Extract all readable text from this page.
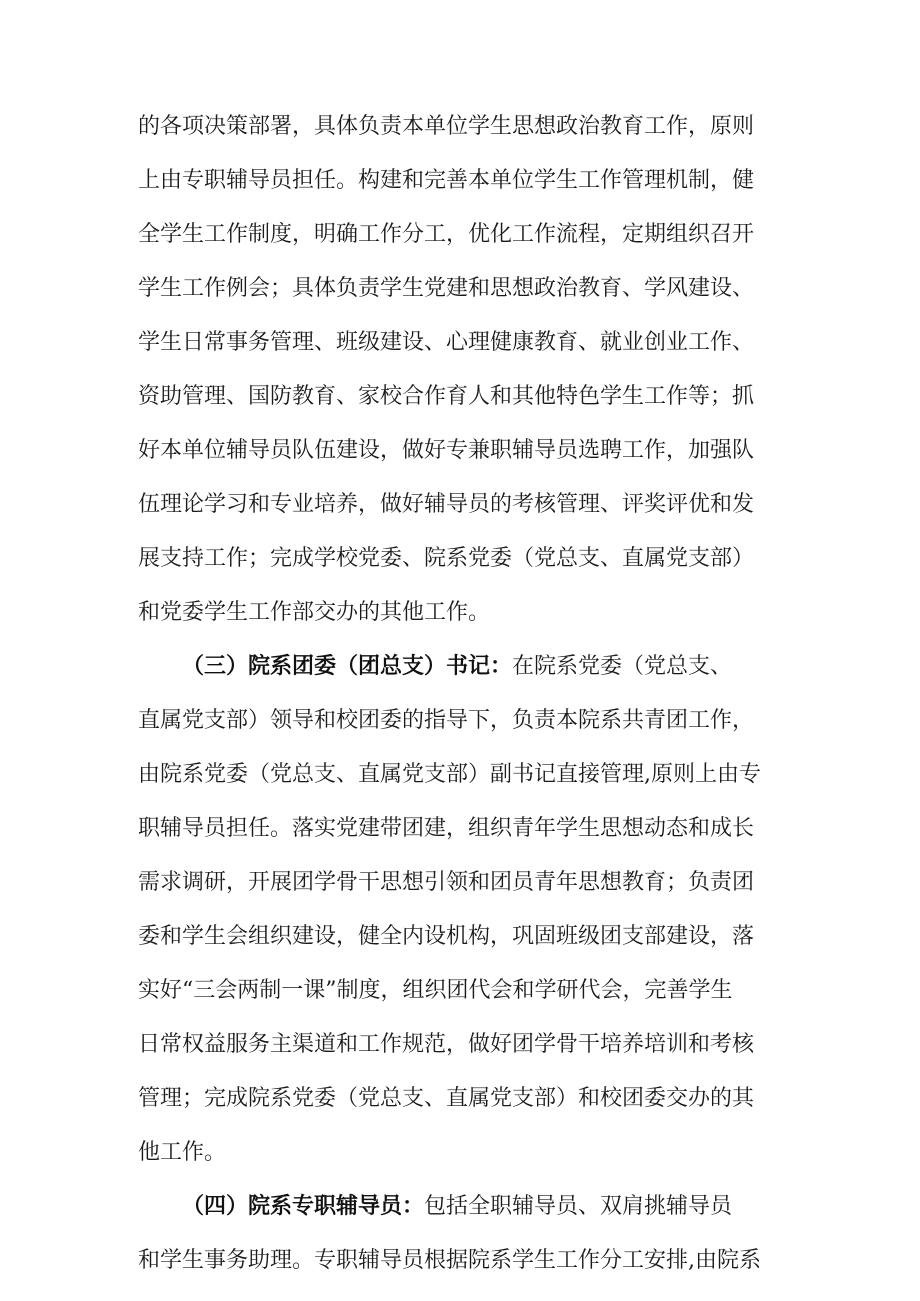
的各项决策部署，具体负责本单位学生思想政治教育工作，原则
上由专职辅导员担任。构建和完善本单位学生工作管理机制，健
全学生工作制度，明确工作分工，优化工作流程，定期组织召开
学生工作例会；具体负责学生党建和思想政治教育、学风建设、
学生日常事务管理、班级建设、心理健康教育、就业创业工作、
资助管理、国防教育、家校合作育人和其他特色学生工作等；抓
好本单位辅导员队伍建设，做好专兼职辅导员选聘工作，加强队
伍理论学习和专业培养，做好辅导员的考核管理、评奖评优和发
展支持工作；完成学校党委、院系党委（党总支、直属党支部）
和党委学生工作部交办的其他工作。
（三）院系团委（团总支）书记：在院系党委（党总支、
直属党支部）领导和校团委的指导下，负责本院系共青团工作，
由院系党委（党总支、直属党支部）副书记直接管理,原则上由专
职辅导员担任。落实党建带团建，组织青年学生思想动态和成长
需求调研，开展团学骨干思想引领和团员青年思想教育；负责团
委和学生会组织建设，健全内设机构，巩固班级团支部建设，落
实好“三会两制一课”制度，组织团代会和学研代会，完善学生
日常权益服务主渠道和工作规范，做好团学骨干培养培训和考核
管理；完成院系党委（党总支、直属党支部）和校团委交办的其
他工作。
（四）院系专职辅导员：包括全职辅导员、双肩挑辅导员
和学生事务助理。专职辅导员根据院系学生工作分工安排,由院系
